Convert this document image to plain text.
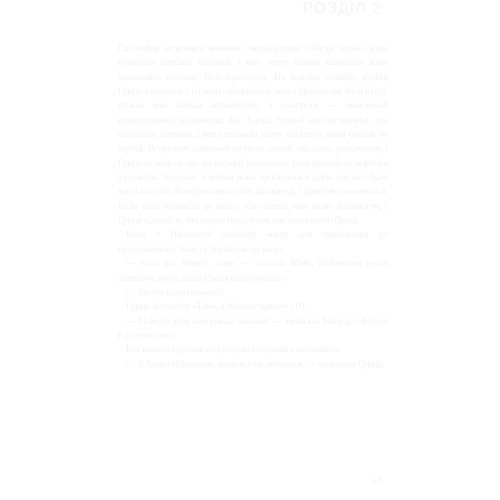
РОЗДІЛ 2

Світлофор засвітився зеленим і водій рушив з місця, щойно вони помітили перший магазин, і вже через кілька кварталів вони опинились поблизу Нью-Крос-роуд. На самому початку вулиці Гриця злякалась і на мить зупинилась перед Ніколасом. Біля входу стояло вже кілька автомобілів, а навпроти — невеликий паркувальний майданчик. На фасаді будівлі висіла вивіска, що світилася зеленим, і вона впізнала назву магазину, який бачила на картці. Всередині з'явилися силуети людей, які щось розглядали, і Гриця помітила, що на вітрині виставлені різнокольорові коробки та пакети. Зусилля, з якими вона пробиралася крізь натовп, були варті того, бо біля прилавка стояв продавець і привітно посміхався. Коли вона підійшла до нього, він спитав, чим може допомогти, і Гриця відповіла, що шукає подарунок для молодшого брата.

Вона з Ніколасом знайшли місце для паркування на протилежному боці та перейшли вулицю.

— Рада вас бачити, пане, — сказала Мені, обійнявши свого давнього друга, поки Гриця спостерігала.

— Ви тут відпочиваєте?

Гриця відповіла «Так», а Ніколас кивнув «Ні».

— Можете дати нам кілька хвилин? — запитала Мені до офіцера й усміхнулась.

Він кивнув і рушив до сусідньої вітрини з магазином.

— Я була з Ніколасом, коли все це почалося, — пояснила Гриця.

13
